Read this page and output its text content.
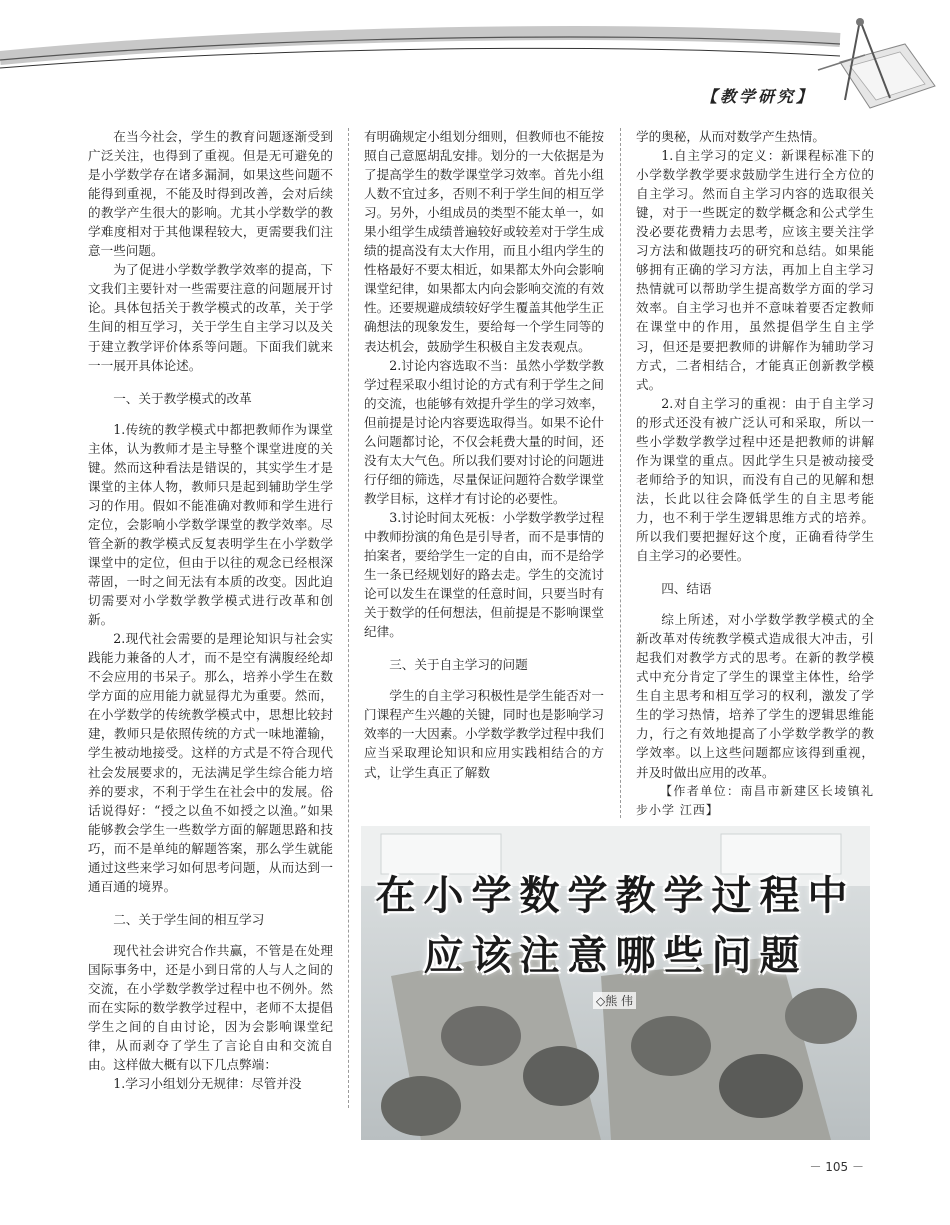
【教学研究】

在当今社会，学生的教育问题逐渐受到广泛关注，也得到了重视。但是无可避免的是小学数学存在诸多漏洞，如果这些问题不能得到重视，不能及时得到改善，会对后续的教学产生很大的影响。尤其小学数学的教学难度相对于其他课程较大，更需要我们注意一些问题。

为了促进小学数学教学效率的提高，下文我们主要针对一些需要注意的问题展开讨论。具体包括关于教学模式的改革，关于学生间的相互学习，关于学生自主学习以及关于建立教学评价体系等问题。下面我们就来一一展开具体论述。

一、关于教学模式的改革

1.传统的教学模式中都把教师作为课堂主体，认为教师才是主导整个课堂进度的关键。然而这种看法是错误的，其实学生才是课堂的主体人物，教师只是起到辅助学生学习的作用。假如不能准确对教师和学生进行定位，会影响小学数学课堂的教学效率。尽管全新的教学模式反复表明学生在小学数学课堂中的定位，但由于以往的观念已经根深蒂固，一时之间无法有本质的改变。因此迫切需要对小学数学教学模式进行改革和创新。

2.现代社会需要的是理论知识与社会实践能力兼备的人才，而不是空有满腹经纶却不会应用的书呆子。那么，培养小学生在数学方面的应用能力就显得尤为重要。然而，在小学数学的传统教学模式中，思想比较封建，教师只是依照传统的方式一味地灌输，学生被动地接受。这样的方式是不符合现代社会发展要求的，无法满足学生综合能力培养的要求，不利于学生在社会中的发展。俗话说得好：“授之以鱼不如授之以渔。”如果能够教会学生一些数学方面的解题思路和技巧，而不是单纯的解题答案，那么学生就能通过这些来学习如何思考问题，从而达到一通百通的境界。

二、关于学生间的相互学习

现代社会讲究合作共赢，不管是在处理国际事务中，还是小到日常的人与人之间的交流，在小学数学教学过程中也不例外。然而在实际的数学教学过程中，老师不太提倡学生之间的自由讨论，因为会影响课堂纪律，从而剥夺了学生了言论自由和交流自由。这样做大概有以下几点弊端：

1.学习小组划分无规律：尽管并没

有明确规定小组划分细则，但教师也不能按照自己意愿胡乱安排。划分的一大依据是为了提高学生的数学课堂学习效率。首先小组人数不宜过多，否则不利于学生间的相互学习。另外，小组成员的类型不能太单一，如果小组学生成绩普遍较好或较差对于学生成绩的提高没有太大作用，而且小组内学生的性格最好不要太相近，如果都太外向会影响课堂纪律，如果都太内向会影响交流的有效性。还要规避成绩较好学生覆盖其他学生正确想法的现象发生，要给每一个学生同等的表达机会，鼓励学生积极自主发表观点。

2.讨论内容选取不当：虽然小学数学教学过程采取小组讨论的方式有利于学生之间的交流，也能够有效提升学生的学习效率，但前提是讨论内容要选取得当。如果不论什么问题都讨论，不仅会耗费大量的时间，还没有太大气色。所以我们要对讨论的问题进行仔细的筛选，尽量保证问题符合数学课堂教学目标，这样才有讨论的必要性。

3.讨论时间太死板：小学数学教学过程中教师扮演的角色是引导者，而不是事情的拍案者，要给学生一定的自由，而不是给学生一条已经规划好的路去走。学生的交流讨论可以发生在课堂的任意时间，只要当时有关于数学的任何想法，但前提是不影响课堂纪律。

三、关于自主学习的问题

学生的自主学习积极性是学生能否对一门课程产生兴趣的关键，同时也是影响学习效率的一大因素。小学数学教学过程中我们应当采取理论知识和应用实践相结合的方式，让学生真正了解数

学的奥秘，从而对数学产生热情。

1.自主学习的定义：新课程标准下的小学数学教学要求鼓励学生进行全方位的自主学习。然而自主学习内容的选取很关键，对于一些既定的数学概念和公式学生没必要花费精力去思考，应该主要关注学习方法和做题技巧的研究和总结。如果能够拥有正确的学习方法，再加上自主学习热情就可以帮助学生提高数学方面的学习效率。自主学习也并不意味着要否定教师在课堂中的作用，虽然提倡学生自主学习，但还是要把教师的讲解作为辅助学习方式，二者相结合，才能真正创新教学模式。

2.对自主学习的重视：由于自主学习的形式还没有被广泛认可和采取，所以一些小学数学教学过程中还是把教师的讲解作为课堂的重点。因此学生只是被动接受老师给予的知识，而没有自己的见解和想法，长此以往会降低学生的自主思考能力，也不利于学生逻辑思维方式的培养。所以我们要把握好这个度，正确看待学生自主学习的必要性。

四、结语

综上所述，对小学数学教学模式的全新改革对传统教学模式造成很大冲击，引起我们对教学方式的思考。在新的教学模式中充分肯定了学生的课堂主体性，给学生自主思考和相互学习的权利，激发了学生的学习热情，培养了学生的逻辑思维能力，行之有效地提高了小学数学教学的教学效率。以上这些问题都应该得到重视，并及时做出应用的改革。

【作者单位：南昌市新建区长堎镇礼步小学 江西】

在小学数学教学过程中
应该注意哪些问题
◇熊 伟
－ 105 －
